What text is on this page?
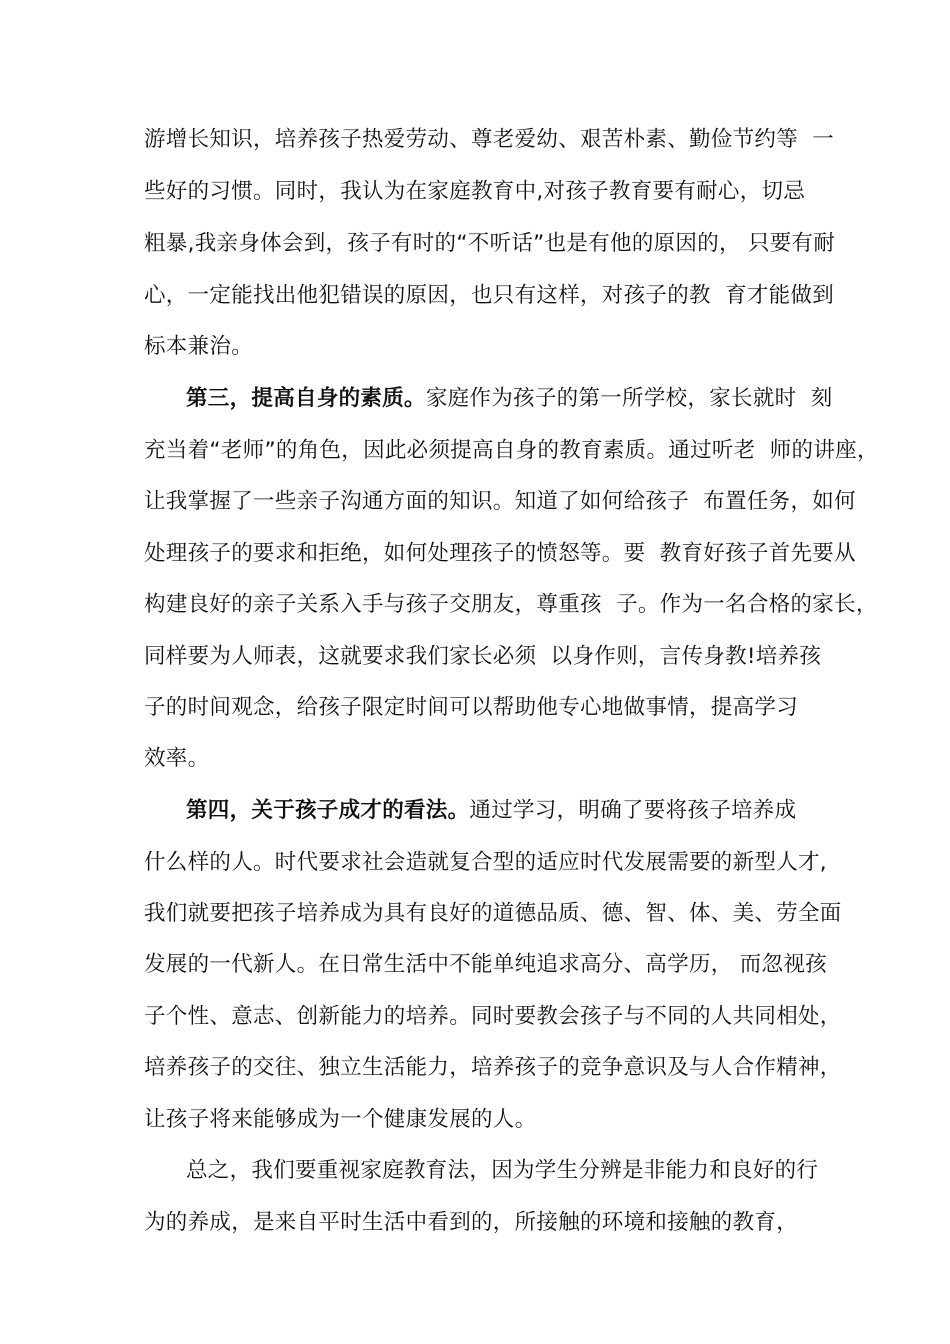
游增长知识，培养孩子热爱劳动、尊老爱幼、艰苦朴素、勤俭节约等  一
些好的习惯。同时，我认为在家庭教育中,对孩子教育要有耐心，切忌
粗暴,我亲身体会到，孩子有时的“不听话”也是有他的原因的， 只要有耐
心，一定能找出他犯错误的原因，也只有这样，对孩子的教  育才能做到
标本兼治。
第三，提高自身的素质。家庭作为孩子的第一所学校，家长就时  刻
充当着“老师”的角色，因此必须提高自身的教育素质。通过听老  师的讲座，
让我掌握了一些亲子沟通方面的知识。知道了如何给孩子  布置任务，如何
处理孩子的要求和拒绝，如何处理孩子的愤怒等。要  教育好孩子首先要从
构建良好的亲子关系入手与孩子交朋友，尊重孩  子。作为一名合格的家长，
同样要为人师表，这就要求我们家长必须  以身作则，言传身教!培养孩
子的时间观念，给孩子限定时间可以帮助他专心地做事情，提高学习
效率。
第四，关于孩子成才的看法。通过学习，明确了要将孩子培养成
什么样的人。时代要求社会造就复合型的适应时代发展需要的新型人才,
我们就要把孩子培养成为具有良好的道德品质、德、智、体、美、劳全面
发展的一代新人。在日常生活中不能单纯追求高分、高学历， 而忽视孩
子个性、意志、创新能力的培养。同时要教会孩子与不同的人共同相处，
培养孩子的交往、独立生活能力，培养孩子的竞争意识及与人合作精神，
让孩子将来能够成为一个健康发展的人。
总之，我们要重视家庭教育法，因为学生分辨是非能力和良好的行
为的养成，是来自平时生活中看到的，所接触的环境和接触的教育，
